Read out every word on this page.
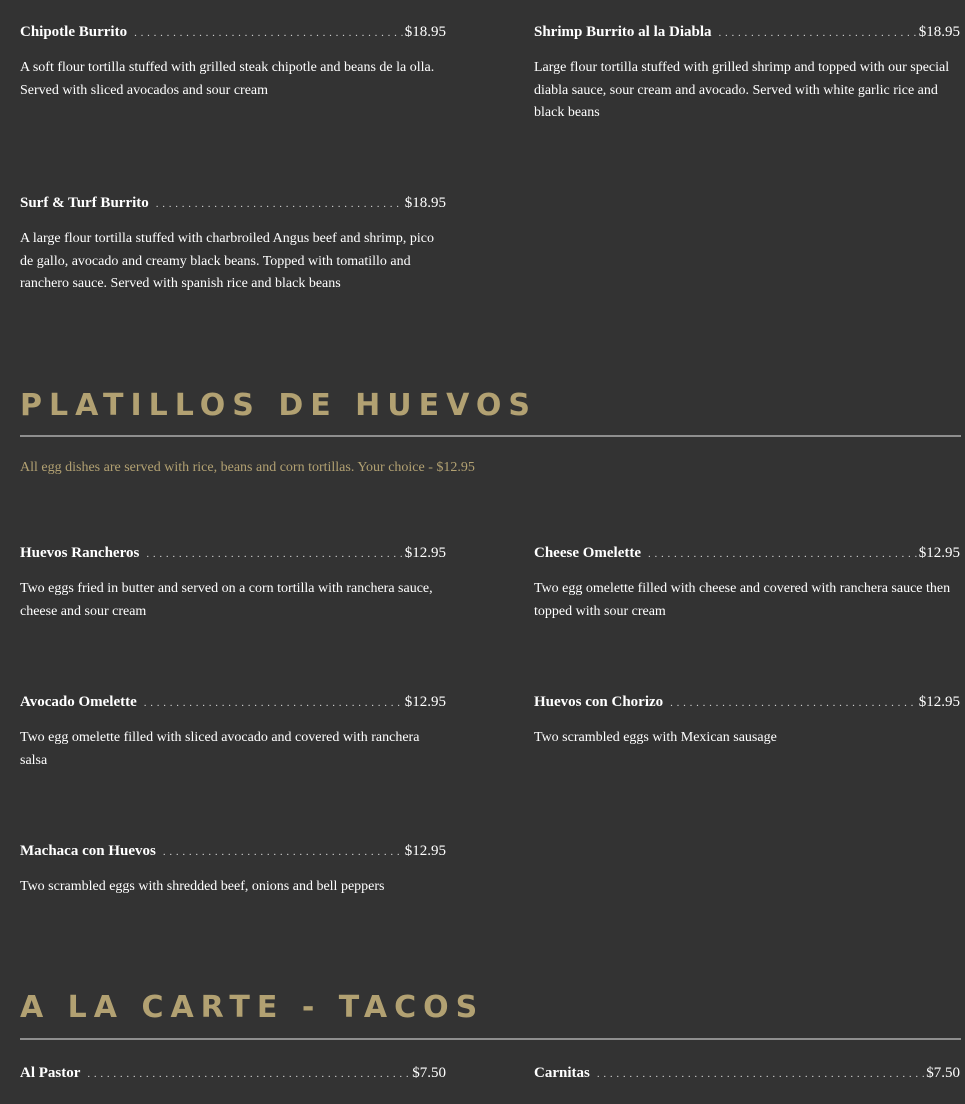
Chipotle Burrito . . .	$18.95
A soft flour tortilla stuffed with grilled steak chipotle and beans de la olla. Served with sliced avocados and sour cream
Shrimp Burrito al la Diabla . . .	$18.95
Large flour tortilla stuffed with grilled shrimp and topped with our special diabla sauce, sour cream and avocado. Served with white garlic rice and black beans
Surf & Turf Burrito . . .	$18.95
A large flour tortilla stuffed with charbroiled Angus beef and shrimp, pico de gallo, avocado and creamy black beans. Topped with tomatillo and ranchero sauce. Served with spanish rice and black beans
PLATILLOS DE HUEVOS
All egg dishes are served with rice, beans and corn tortillas. Your choice - $12.95
Huevos Rancheros . . .	$12.95
Two eggs fried in butter and served on a corn tortilla with ranchera sauce, cheese and sour cream
Cheese Omelette . . .	$12.95
Two egg omelette filled with cheese and covered with ranchera sauce then topped with sour cream
Avocado Omelette . . .	$12.95
Two egg omelette filled with sliced avocado and covered with ranchera salsa
Huevos con Chorizo . . .	$12.95
Two scrambled eggs with Mexican sausage
Machaca con Huevos . . .	$12.95
Two scrambled eggs with shredded beef, onions and bell peppers
A LA CARTE - TACOS
Al Pastor . . .	$7.50	Carnitas . . .	$7.50
